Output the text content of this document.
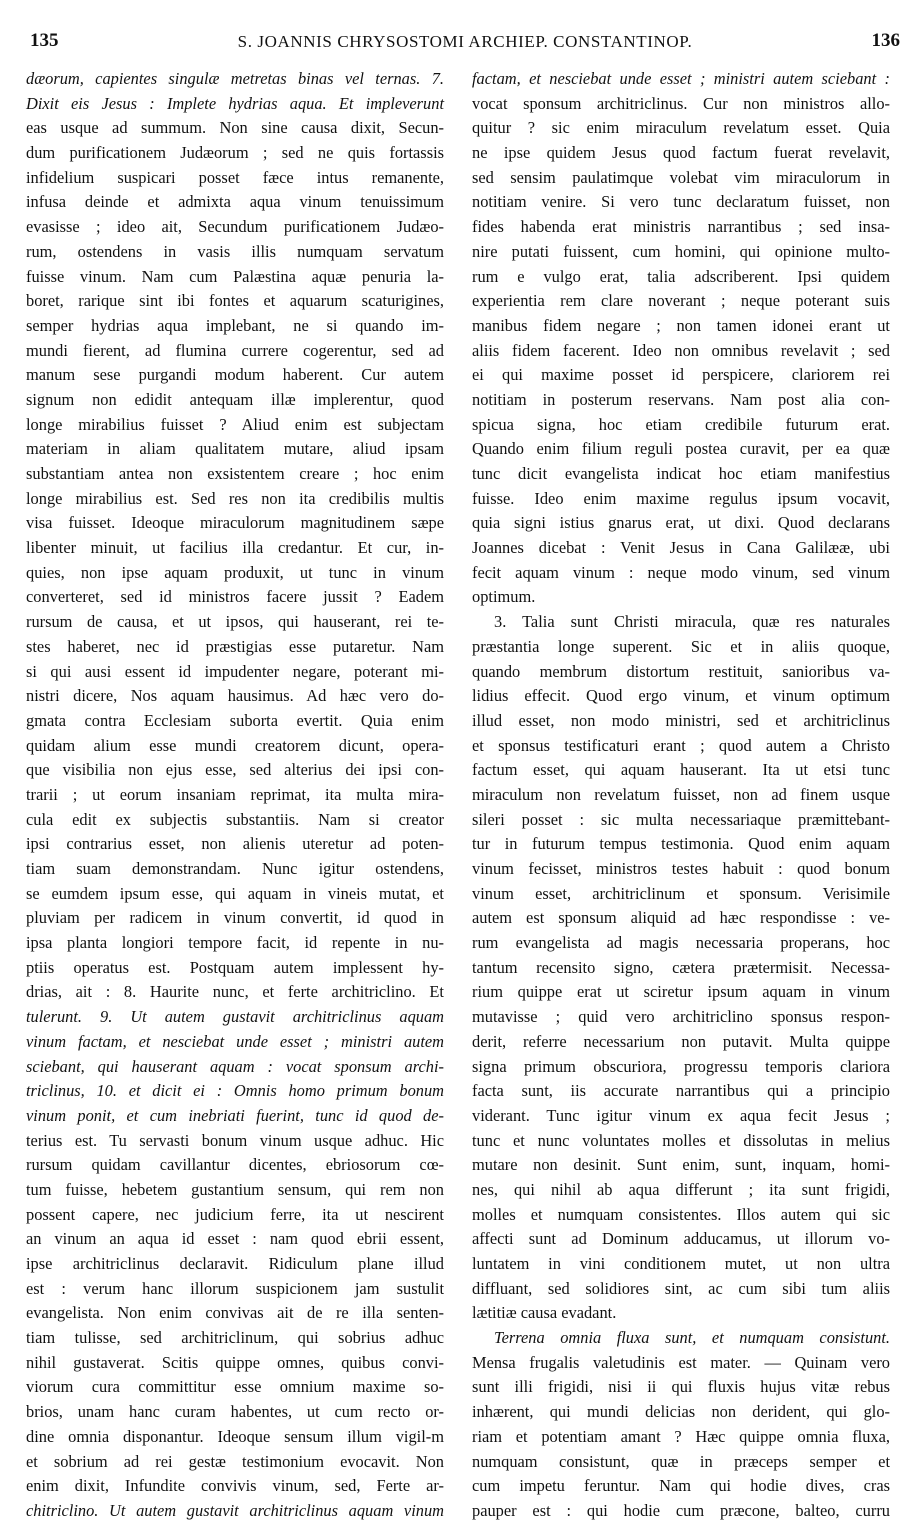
135	S. JOANNIS CHRYSOSTOMI ARCHIEP. CONSTANTINOP.	136
dæorum, capientes singulæ metretas binas vel ternas. 7.
Dixit eis Jesus : Implete hydrias aqua. Et impleverunt
eas usque ad summum. Non sine causa dixit, Secun-
dum purificationem Judæorum ; sed ne quis fortassis
infidelium suspicari posset fæce intus remanente,
infusa deinde et admixta aqua vinum tenuissimum
evasisse ; ideo ait, Secundum purificationem Judæo-
rum, ostendens in vasis illis numquam servatum
fuisse vinum. Nam cum Palæstina aquæ penuria la-
boret, rarique sint ibi fontes et aquarum scaturigines,
semper hydrias aqua implebant, ne si quando im-
mundi fierent, ad flumina currere cogerentur, sed ad
manum sese purgandi modum haberent. Cur autem
signum non edidit antequam illæ implerentur, quod
longe mirabilius fuisset ? Aliud enim est subjectam
materiam in aliam qualitatem mutare, aliud ipsam
substantiam antea non exsistentem creare ; hoc enim
longe mirabilius est. Sed res non ita credibilis multis
visa fuisset. Ideoque miraculorum magnitudinem sæpe
libenter minuit, ut facilius illa credantur. Et cur, in-
quies, non ipse aquam produxit, ut tunc in vinum
converteret, sed id ministros facere jussit ? Eadem
rursum de causa, et ut ipsos, qui hauserant, rei te-
stes haberet, nec id præstigias esse putaretur. Nam
si qui ausi essent id impudenter negare, poterant mi-
nistri dicere, Nos aquam hausimus. Ad hæc vero do-
gmata contra Ecclesiam suborta evertit. Quia enim
quidam alium esse mundi creatorem dicunt, opera-
que visibilia non ejus esse, sed alterius dei ipsi con-
trarii ; ut eorum insaniam reprimat, ita multa mira-
cula edit ex subjectis substantiis. Nam si creator
ipsi contrarius esset, non alienis uteretur ad poten-
tiam suam demonstrandam. Nunc igitur ostendens,
se eumdem ipsum esse, qui aquam in vineis mutat, et
pluviam per radicem in vinum convertit, id quod in
ipsa planta longiori tempore facit, id repente in nu-
ptiis operatus est. Postquam autem implessent hy-
drias, ait : 8. Haurite nunc, et ferte architriclino. Et
tulerunt. 9. Ut autem gustavit architriclinus aquam
vinum factam, et nesciebat unde esset ; ministri autem
sciebant, qui hauserant aquam : vocat sponsum archi-
triclinus, 10. et dicit ei : Omnis homo primum bonum
vinum ponit, et cum inebriati fuerint, tunc id quod de-
terius est. Tu servasti bonum vinum usque adhuc. Hic
rursum quidam cavillantur dicentes, ebriosorum cœ-
tum fuisse, hebetem gustantium sensum, qui rem non
possent capere, nec judicium ferre, ita ut nescirent
an vinum an aqua id esset : nam quod ebrii essent,
ipse architriclinus declaravit. Ridiculum plane illud
est : verum hanc illorum suspicionem jam sustulit
evangelista. Non enim convivas ait de re illa senten-
tiam tulisse, sed architriclinum, qui sobrius adhuc
nihil gustaverat. Scitis quippe omnes, quibus convi-
viorum cura committitur esse omnium maxime so-
brios, unam hanc curam habentes, ut cum recto or-
dine omnia disponantur. Ideoque sensum illum vigil-m
et sobrium ad rei gestæ testimonium evocavit. Non
enim dixit, Infundite convivis vinum, sed, Ferte ar-
chitriclino. Ut autem gustavit architriclinus aquam vinum
factam, et nesciebat unde esset ; ministri autem sciebant :
vocat sponsum architriclinus. Cur non ministros allo-
quitur ? sic enim miraculum revelatum esset. Quia
ne ipse quidem Jesus quod factum fuerat revelavit,
sed sensim paulatimque volebat vim miraculorum in
notitiam venire. Si vero tunc declaratum fuisset, non
fides habenda erat ministris narrantibus ; sed insa-
nire putati fuissent, cum homini, qui opinione multo-
rum e vulgo erat, talia adscriberent. Ipsi quidem
experientia rem clare noverant ; neque poterant suis
manibus fidem negare ; non tamen idonei erant ut
aliis fidem facerent. Ideo non omnibus revelavit ; sed
ei qui maxime posset id perspicere, clariorem rei
notitiam in posterum reservans. Nam post alia con-
spicua signa, hoc etiam credibile futurum erat.
Quando enim filium reguli postea curavit, per ea quæ
tunc dicit evangelista indicat hoc etiam manifestius
fuisse. Ideo enim maxime regulus ipsum vocavit,
quia signi istius gnarus erat, ut dixi. Quod declarans
Joannes dicebat : Venit Jesus in Cana Galilææ, ubi
fecit aquam vinum : neque modo vinum, sed vinum
optimum.
3. Talia sunt Christi miracula, quæ res naturales
præstantia longe superent. Sic et in aliis quoque,
quando membrum distortum restituit, sanioribus va-
lidius effecit. Quod ergo vinum, et vinum optimum
illud esset, non modo ministri, sed et architriclinus
et sponsus testificaturi erant ; quod autem a Christo
factum esset, qui aquam hauserant. Ita ut etsi tunc
miraculum non revelatum fuisset, non ad finem usque
sileri posset : sic multa necessariaque præmittebant-
tur in futurum tempus testimonia. Quod enim aquam
vinum fecisset, ministros testes habuit : quod bonum
vinum esset, architriclinum et sponsum. Verisimile
autem est sponsum aliquid ad hæc respondisse : ve-
rum evangelista ad magis necessaria properans, hoc
tantum recensito signo, cætera prætermisit. Necessa-
rium quippe erat ut sciretur ipsum aquam in vinum
mutavisse ; quid vero architriclino sponsus respon-
derit, referre necessarium non putavit. Multa quippe
signa primum obscuriora, progressu temporis clariora
facta sunt, iis accurate narrantibus qui a principio
viderant. Tunc igitur vinum ex aqua fecit Jesus ;
tunc et nunc voluntates molles et dissolutas in melius
mutare non desinit. Sunt enim, sunt, inquam, homi-
nes, qui nihil ab aqua differunt ; ita sunt frigidi,
molles et numquam consistentes. Illos autem qui sic
affecti sunt ad Dominum adducamus, ut illorum vo-
luntatem in vini conditionem mutet, ut non ultra
diffluant, sed solidiores sint, ac cum sibi tum aliis
lætitiæ causa evadant.
Terrena omnia fluxa sunt, et numquam consistunt.
Mensa frugalis valetudinis est mater. — Quinam vero
sunt illi frigidi, nisi ii qui fluxis hujus vitæ rebus
inhærent, qui mundi delicias non derident, qui glo-
riam et potentiam amant ? Hæc quippe omnia fluxa,
numquam consistunt, quæ in præceps semper et
cum impetu feruntur. Nam qui hodie dives, cras
pauper est : qui hodie cum præcone, balteo, curru
